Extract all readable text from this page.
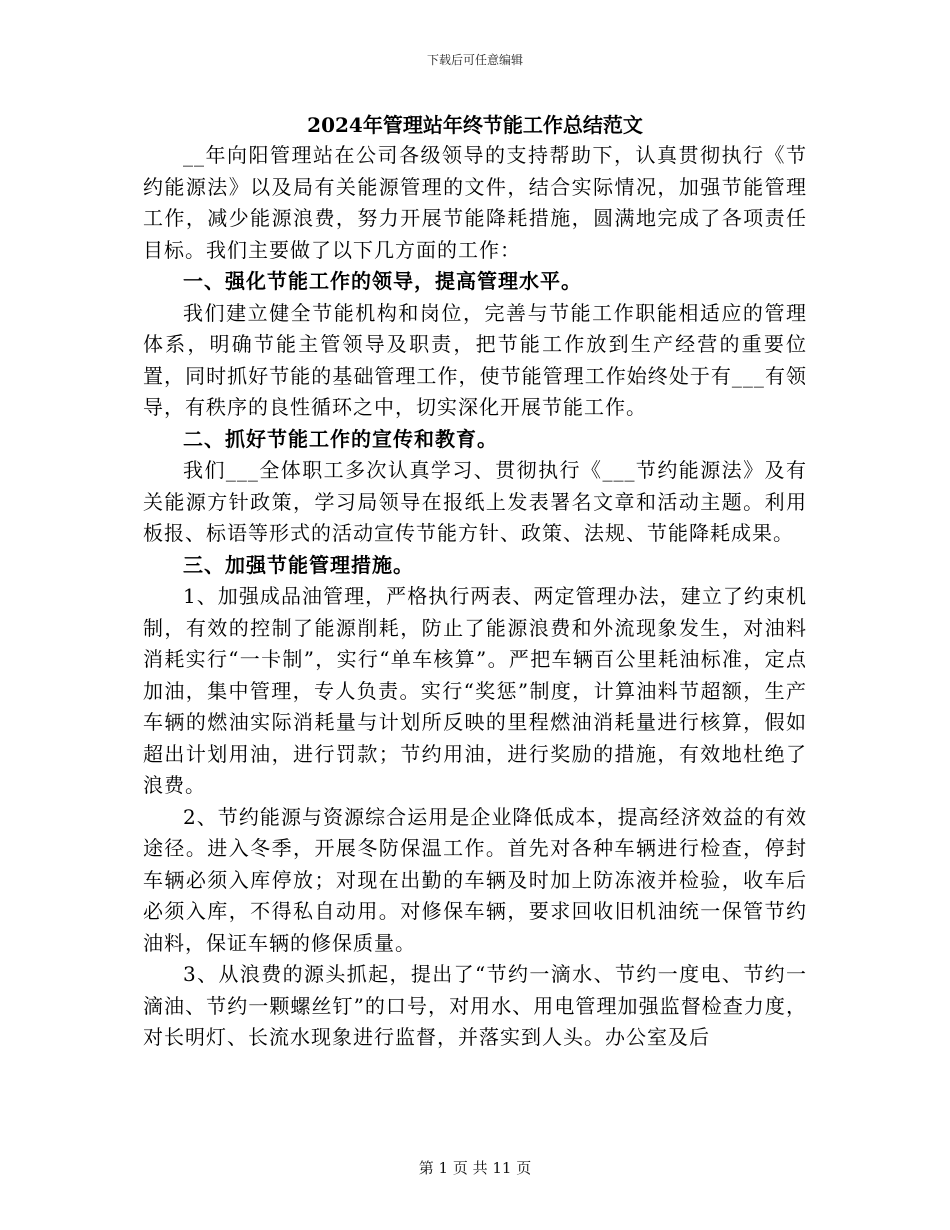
下载后可任意编辑
2024年管理站年终节能工作总结范文

__年向阳管理站在公司各级领导的支持帮助下，认真贯彻执行《节约能源法》以及局有关能源管理的文件，结合实际情况，加强节能管理工作，减少能源浪费，努力开展节能降耗措施，圆满地完成了各项责任目标。我们主要做了以下几方面的工作：

一、强化节能工作的领导，提高管理水平。

我们建立健全节能机构和岗位，完善与节能工作职能相适应的管理体系，明确节能主管领导及职责，把节能工作放到生产经营的重要位置，同时抓好节能的基础管理工作，使节能管理工作始终处于有___有领导，有秩序的良性循环之中，切实深化开展节能工作。

二、抓好节能工作的宣传和教育。

我们___全体职工多次认真学习、贯彻执行《___节约能源法》及有关能源方针政策，学习局领导在报纸上发表署名文章和活动主题。利用板报、标语等形式的活动宣传节能方针、政策、法规、节能降耗成果。

三、加强节能管理措施。

1、加强成品油管理，严格执行两表、两定管理办法，建立了约束机制，有效的控制了能源削耗，防止了能源浪费和外流现象发生，对油料消耗实行“一卡制”，实行“单车核算”。严把车辆百公里耗油标准，定点加油，集中管理，专人负责。实行“奖惩”制度，计算油料节超额，生产车辆的燃油实际消耗量与计划所反映的里程燃油消耗量进行核算，假如超出计划用油，进行罚款；节约用油，进行奖励的措施，有效地杜绝了浪费。

2、节约能源与资源综合运用是企业降低成本，提高经济效益的有效途径。进入冬季，开展冬防保温工作。首先对各种车辆进行检查，停封车辆必须入库停放；对现在出勤的车辆及时加上防冻液并检验，收车后必须入库，不得私自动用。对修保车辆，要求回收旧机油统一保管节约油料，保证车辆的修保质量。

3、从浪费的源头抓起，提出了“节约一滴水、节约一度电、节约一滴油、节约一颗螺丝钉”的口号，对用水、用电管理加强监督检查力度，对长明灯、长流水现象进行监督，并落实到人头。办公室及后

第 1 页 共 11 页
